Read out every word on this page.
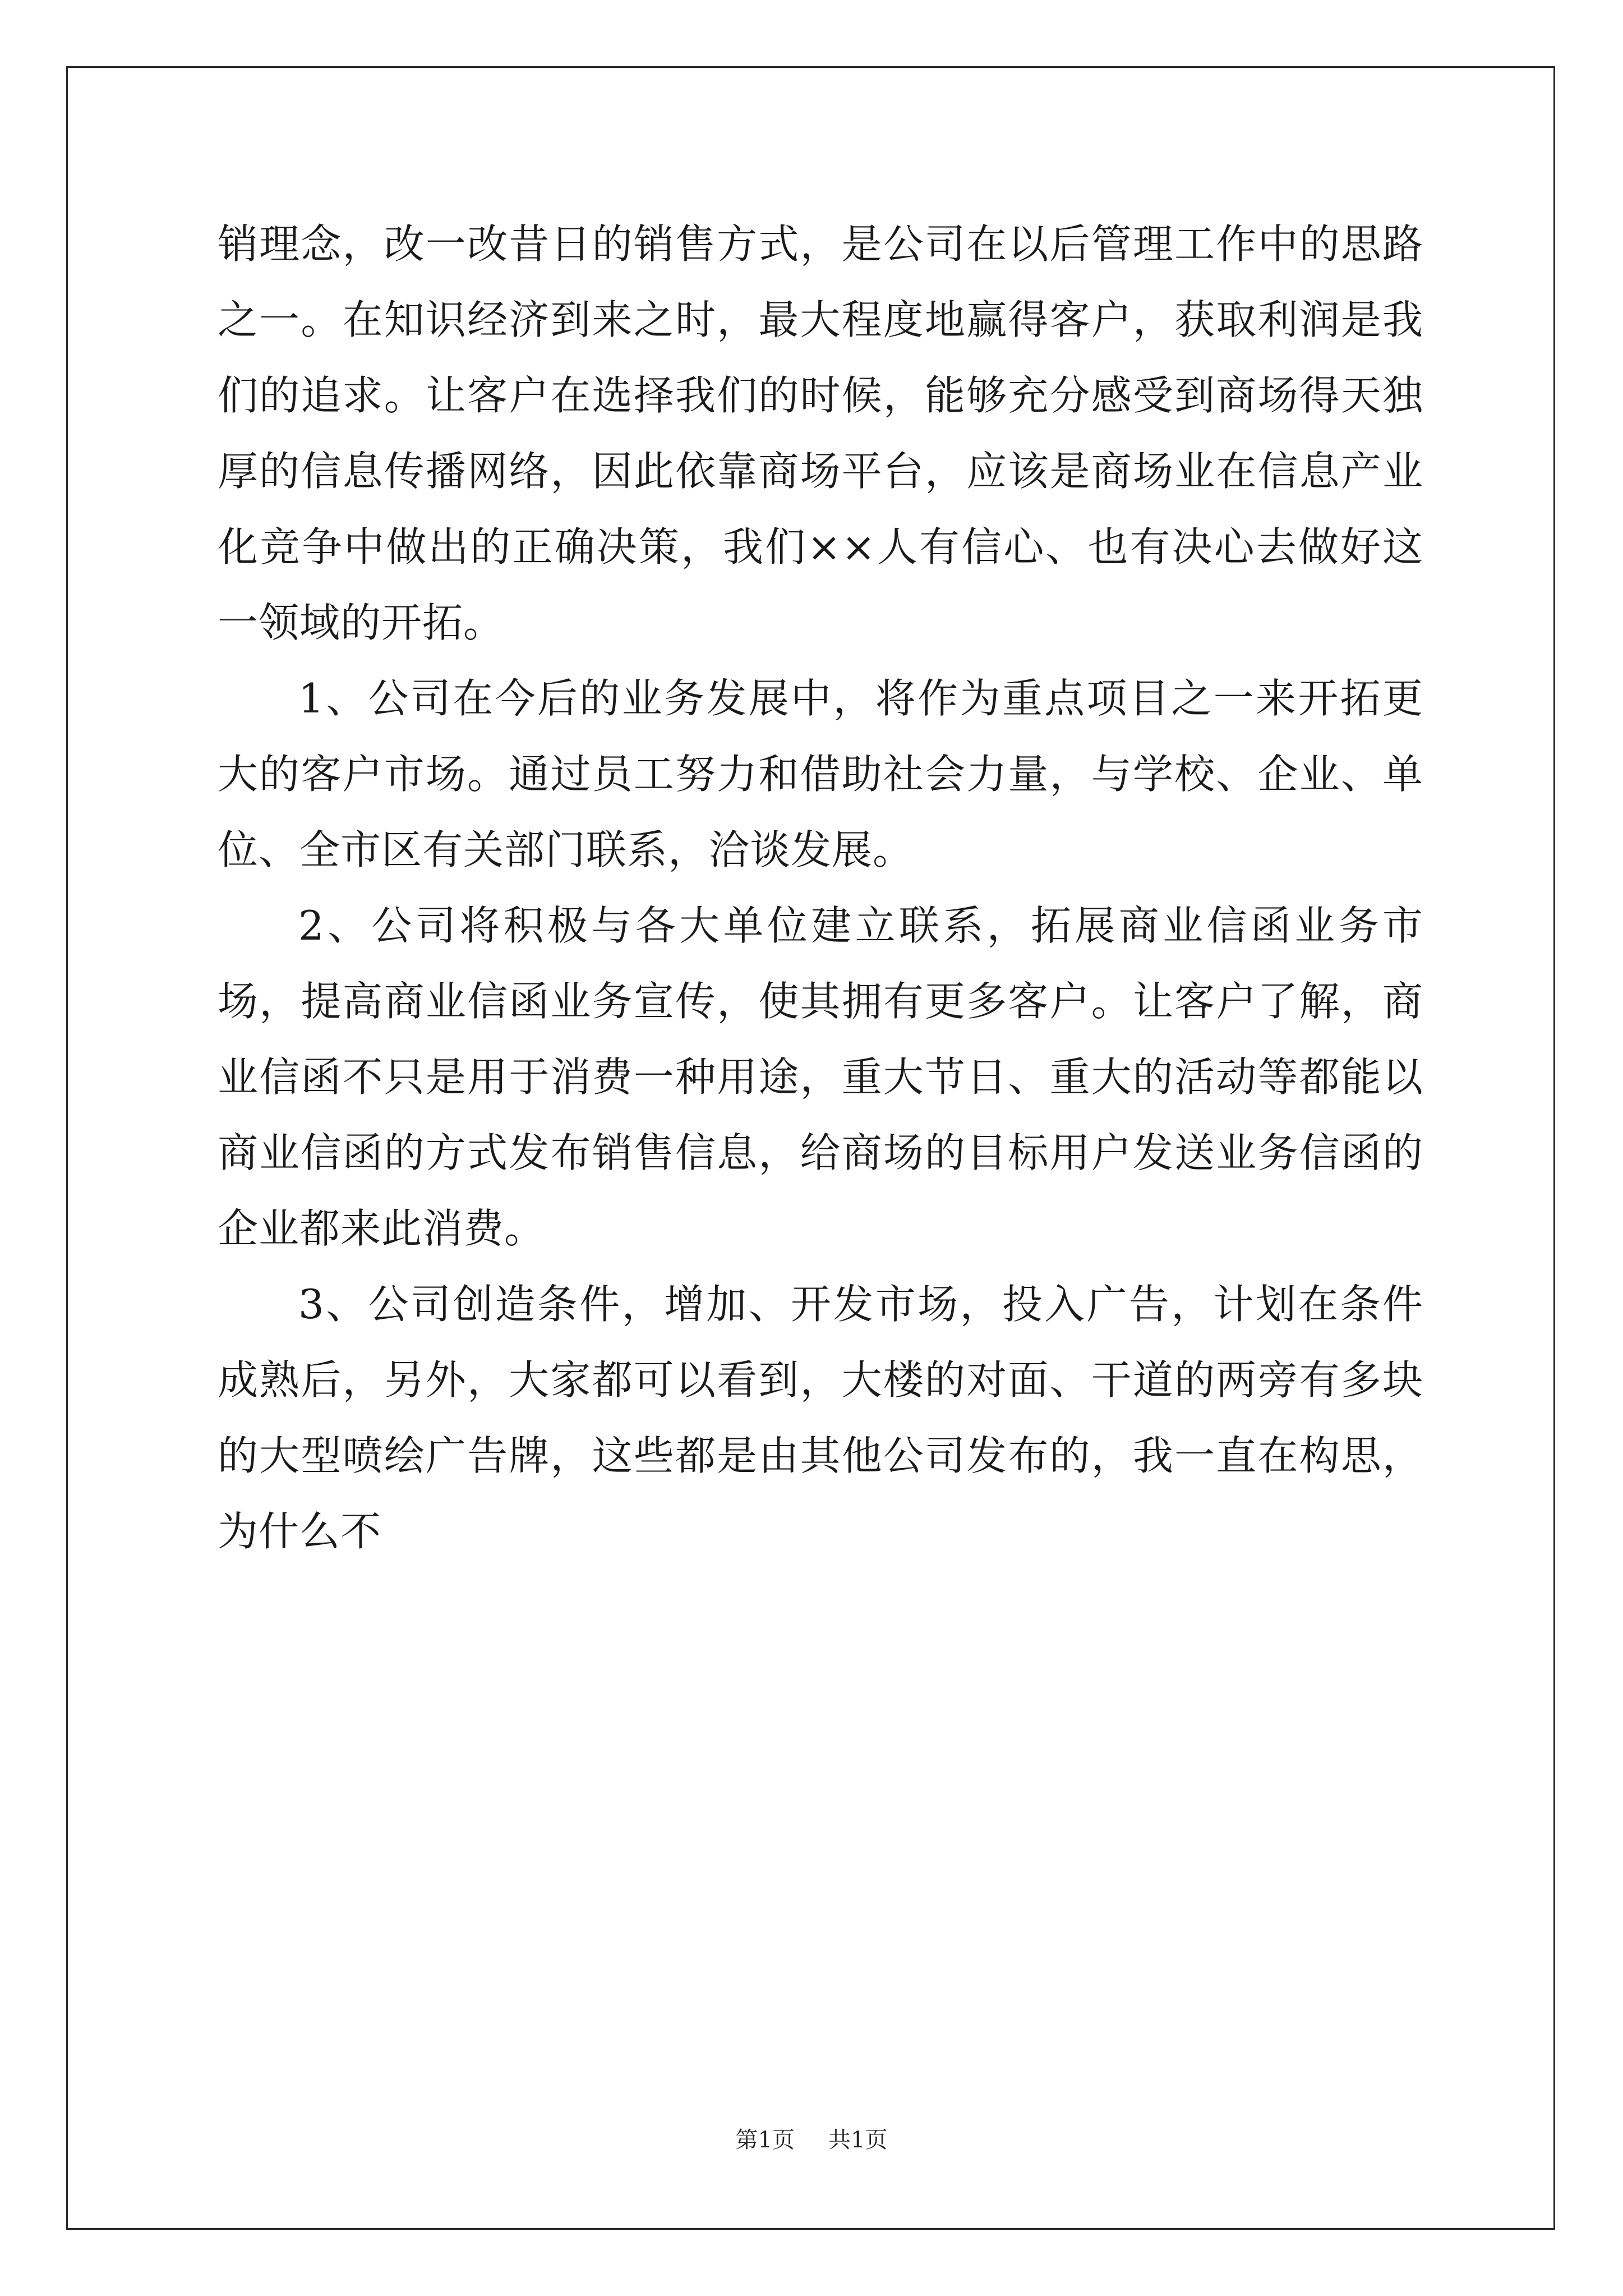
销理念，改一改昔日的销售方式，是公司在以后管理工作中的思路之一。在知识经济到来之时，最大程度地赢得客户，获取利润是我们的追求。让客户在选择我们的时候，能够充分感受到商场得天独厚的信息传播网络，因此依靠商场平台，应该是商场业在信息产业化竞争中做出的正确决策，我们××人有信心、也有决心去做好这一领域的开拓。

1、公司在今后的业务发展中，将作为重点项目之一来开拓更大的客户市场。通过员工努力和借助社会力量，与学校、企业、单位、全市区有关部门联系，洽谈发展。

2、公司将积极与各大单位建立联系，拓展商业信函业务市场，提高商业信函业务宣传，使其拥有更多客户。让客户了解，商业信函不只是用于消费一种用途，重大节日、重大的活动等都能以商业信函的方式发布销售信息，给商场的目标用户发送业务信函的企业都来此消费。

3、公司创造条件，增加、开发市场，投入广告，计划在条件成熟后，另外，大家都可以看到，大楼的对面、干道的两旁有多块的大型喷绘广告牌，这些都是由其他公司发布的，我一直在构思，为什么不

第1页 共1页
